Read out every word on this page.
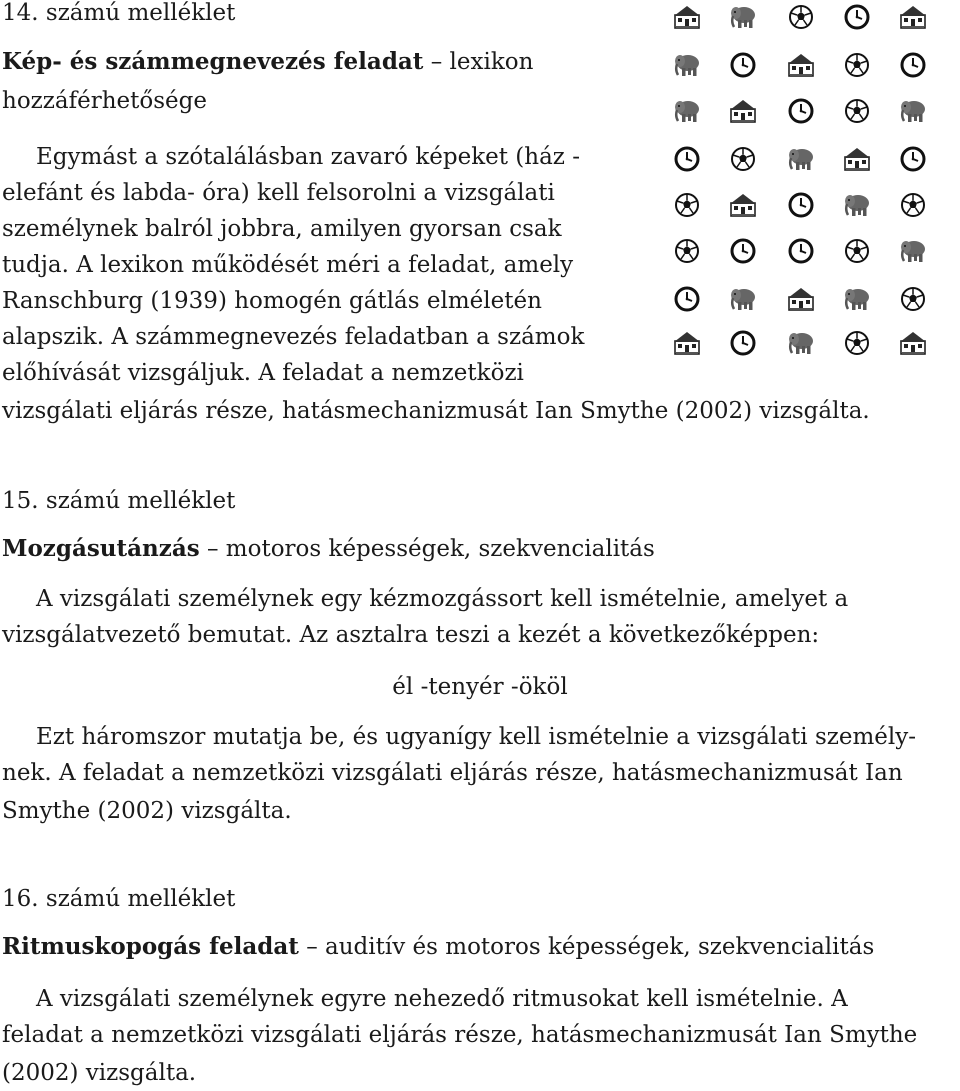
14. számú melléklet
Kép- és számmegnevezés feladat – lexikon
hozzáférhetősége
Egymást a szótalálásban zavaró képeket (ház -
elefánt és labda- óra) kell felsorolni a vizsgálati
személynek balról jobbra, amilyen gyorsan csak
tudja. A lexikon működését méri a feladat, amely
Ranschburg (1939) homogén gátlás elméletén
alapszik. A számmegnevezés feladatban a számok
előhívását vizsgáljuk. A feladat a nemzetközi
vizsgálati eljárás része, hatásmechanizmusát Ian Smythe (2002) vizsgálta.
15. számú melléklet
Mozgásutánzás – motoros képességek, szekvencialitás
A vizsgálati személynek egy kézmozgássort kell ismételnie, amelyet a
vizsgálatvezető bemutat. Az asztalra teszi a kezét a következőképpen:
él -tenyér -ököl
Ezt háromszor mutatja be, és ugyanígy kell ismételnie a vizsgálati személy-
nek. A feladat a nemzetközi vizsgálati eljárás része, hatásmechanizmusát Ian
Smythe (2002) vizsgálta.
16. számú melléklet
Ritmuskopogás feladat – auditív és motoros képességek, szekvencialitás
A vizsgálati személynek egyre nehezedő ritmusokat kell ismételnie. A
feladat a nemzetközi vizsgálati eljárás része, hatásmechanizmusát Ian Smythe
(2002) vizsgálta.
